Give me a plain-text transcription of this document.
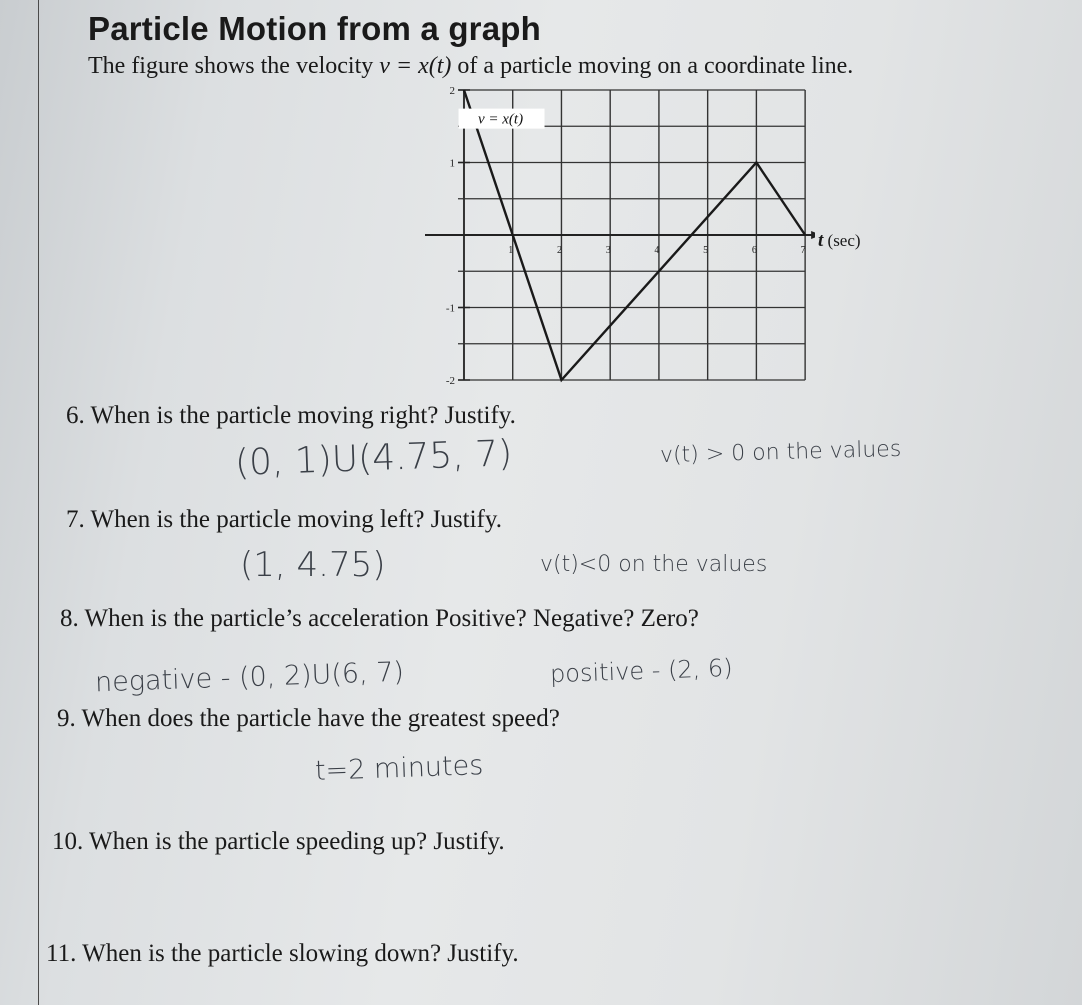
Particle Motion from a graph
The figure shows the velocity v = x(t) of a particle moving on a coordinate line.
2
1
-1
-2
1	2	3	4	5	6	7
v = x(t)
t (sec)
6. When is the particle moving right? Justify.
(0, 1)U(4.75, 7)	v(t) > 0 on the values
7. When is the particle moving left? Justify.
(1, 4.75)	v(t)<0 on the values
8. When is the particle’s acceleration Positive? Negative? Zero?
negative - (0, 2)U(6, 7)	positive - (2, 6)
9. When does the particle have the greatest speed?
t=2 minutes
10. When is the particle speeding up? Justify.
11. When is the particle slowing down? Justify.
